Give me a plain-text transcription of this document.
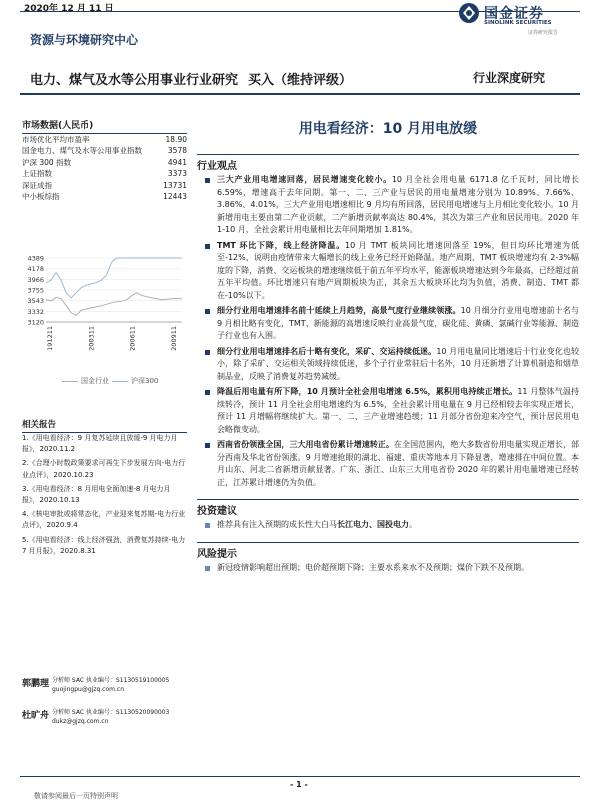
2020年 12 月 11 日	国金证券
SINOLINK SECURITIES
证券研究报告
资源与环境研究中心
电力、煤气及水等公用事业行业研究 买入（维持评级）	行业深度研究
市场数据(人民币)
市场优化平均市盈率	18.90
国金电力、煤气及水等公用事业指数	3578
沪深 300 指数	4941
上证指数	3373
深证成指	13731
中小板综指	12443
4389
4178
3966
3755
3543
3332
3120
191211	200311	200611	200911
国金行业	沪深300
相关报告
1.《用电看经济：9 月复苏延续且放缓-9 月电力月报》，2020.11.2
2.《合理小时数政策要求可再生下步发展方向-电力行业点评》，2020.10.23
3.《用电看经济：8 月用电全面加速-8 月电力月报》，2020.10.13
4.《核电审批或将常态化，产业迎来复苏期-电力行业点评》，2020.9.4
5.《用电看经济：线上经济强劲，消费复苏持续-电力 7 月月报》，2020.8.31
郭鹏理 分析师 SAC 执业编号：S1130519100005
guojingpu@gjzq.com.cn
杜旷舟 分析师 SAC 执业编号：S1130520090003
dukz@gjzq.com.cn
用电看经济：10 月用电放缓
行业观点
三大产业用电增速回落，居民增速变化较小。10 月全社会用电量 6171.8 亿千瓦时，同比增长 6.59%，增速高于去年同期。第一、二、三产业与居民的用电量增速分别为 10.89%、7.66%、3.86%、4.01%，三大产业用电增速相比 9 月均有所回落，居民用电增速与上月相比变化较小。10 月新增用电主要由第二产业贡献，二产新增贡献率高达 80.4%，其次为第三产业和居民用电。2020 年 1-10 月，全社会累计用电量相比去年同期增加 1.81%。
TMT 环比下降，线上经济降温。10 月 TMT 板块同比增速回落至 19%，但日均环比增速为低至-12%，说明由疫情带来大幅增长的线上业务已经开始降温。地产周期、TMT 板块增速均有 2-3%幅度的下降，消费、交运板块的增速继续低于前五年平均水平，能源板块增速达到今年最高，已经超过前五年平均值。环比增速只有地产周期板块为正，其余五大板块环比均为负值，消费、制造、TMT 都在-10%以下。
细分行业用电增速排名前十延续上月趋势，高景气度行业继续领涨。10 月细分行业用电增速前十名与 9 月相比略有变化，TMT、新能源的高增速反映行业高景气度，碳化硅、黄磷、氯碱行业等能源、制造子行业也有入围。
细分行业用电增速排名后十略有变化，采矿、交运持续低迷。10 月用电量同比增速后十行业变化也较小，除了采矿、交运相关领域持续低迷，多个子行业常驻后十名外，10 月还新增了计算机制造和烟草制品业，反映了消费复苏趋势减缓。
降温后用电量有所下降，10 月预计全社会用电增速 6.5%，累积用电持续正增长。11 月整体气温持续转冷，预计 11 月全社会用电增速约为 6.5%，全社会累计用电量在 9 月已经相较去年实现正增长，预计 11 月增幅将继续扩大。第一、二、三产业增速趋缓；11 月部分省份迎来冷空气，预计居民用电会略微变动。
西南省份领涨全国，三大用电省份累计增速转正。在全国范围内，绝大多数省份用电量实现正增长，部分西南及华北省份领涨。9 月增速抢眼的湖北、福建、重庆等地本月下降显著，增速排在中间位置。本月山东、河北二省新增贡献显著。广东、浙江、山东三大用电省份 2020 年的累计用电量增速已经转正，江苏累计增速仍为负值。
投资建议
推荐具有注入预期的成长性大白马长江电力、国投电力。
风险提示
新冠疫情影响超出预期；电价超预期下降；主要水系来水不及预期；煤价下跌不及预期。
- 1 -
敬请参阅最后一页特别声明
